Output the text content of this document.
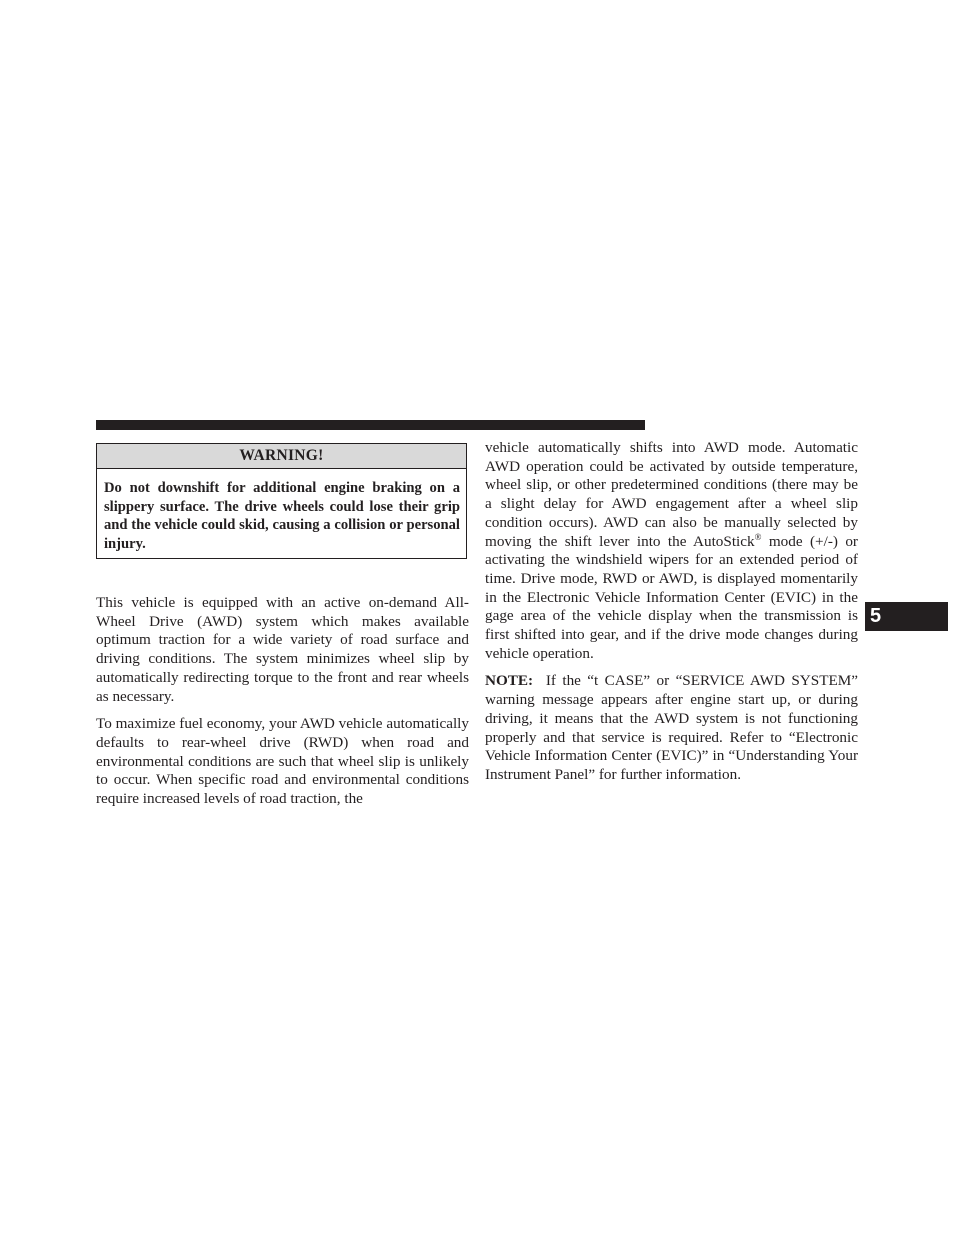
WARNING!
Do not downshift for additional engine braking on a slippery surface. The drive wheels could lose their grip and the vehicle could skid, causing a collision or personal injury.

This vehicle is equipped with an active on-demand All-Wheel Drive (AWD) system which makes available optimum traction for a wide variety of road surface and driving conditions. The system minimizes wheel slip by automatically redirecting torque to the front and rear wheels as necessary.

To maximize fuel economy, your AWD vehicle automatically defaults to rear-wheel drive (RWD) when road and environmental conditions are such that wheel slip is unlikely to occur. When specific road and environmental conditions require increased levels of road traction, the

vehicle automatically shifts into AWD mode. Automatic AWD operation could be activated by outside temperature, wheel slip, or other predetermined conditions (there may be a slight delay for AWD engagement after a wheel slip condition occurs). AWD can also be manually selected by moving the shift lever into the AutoStick® mode (+/-) or activating the windshield wipers for an extended period of time. Drive mode, RWD or AWD, is displayed momentarily in the Electronic Vehicle Information Center (EVIC) in the gage area of the vehicle display when the transmission is first shifted into gear, and if the drive mode changes during vehicle operation.

NOTE: If the “t CASE” or “SERVICE AWD SYSTEM” warning message appears after engine start up, or during driving, it means that the AWD system is not functioning properly and that service is required. Refer to “Electronic Vehicle Information Center (EVIC)” in “Understanding Your Instrument Panel” for further information.

5
